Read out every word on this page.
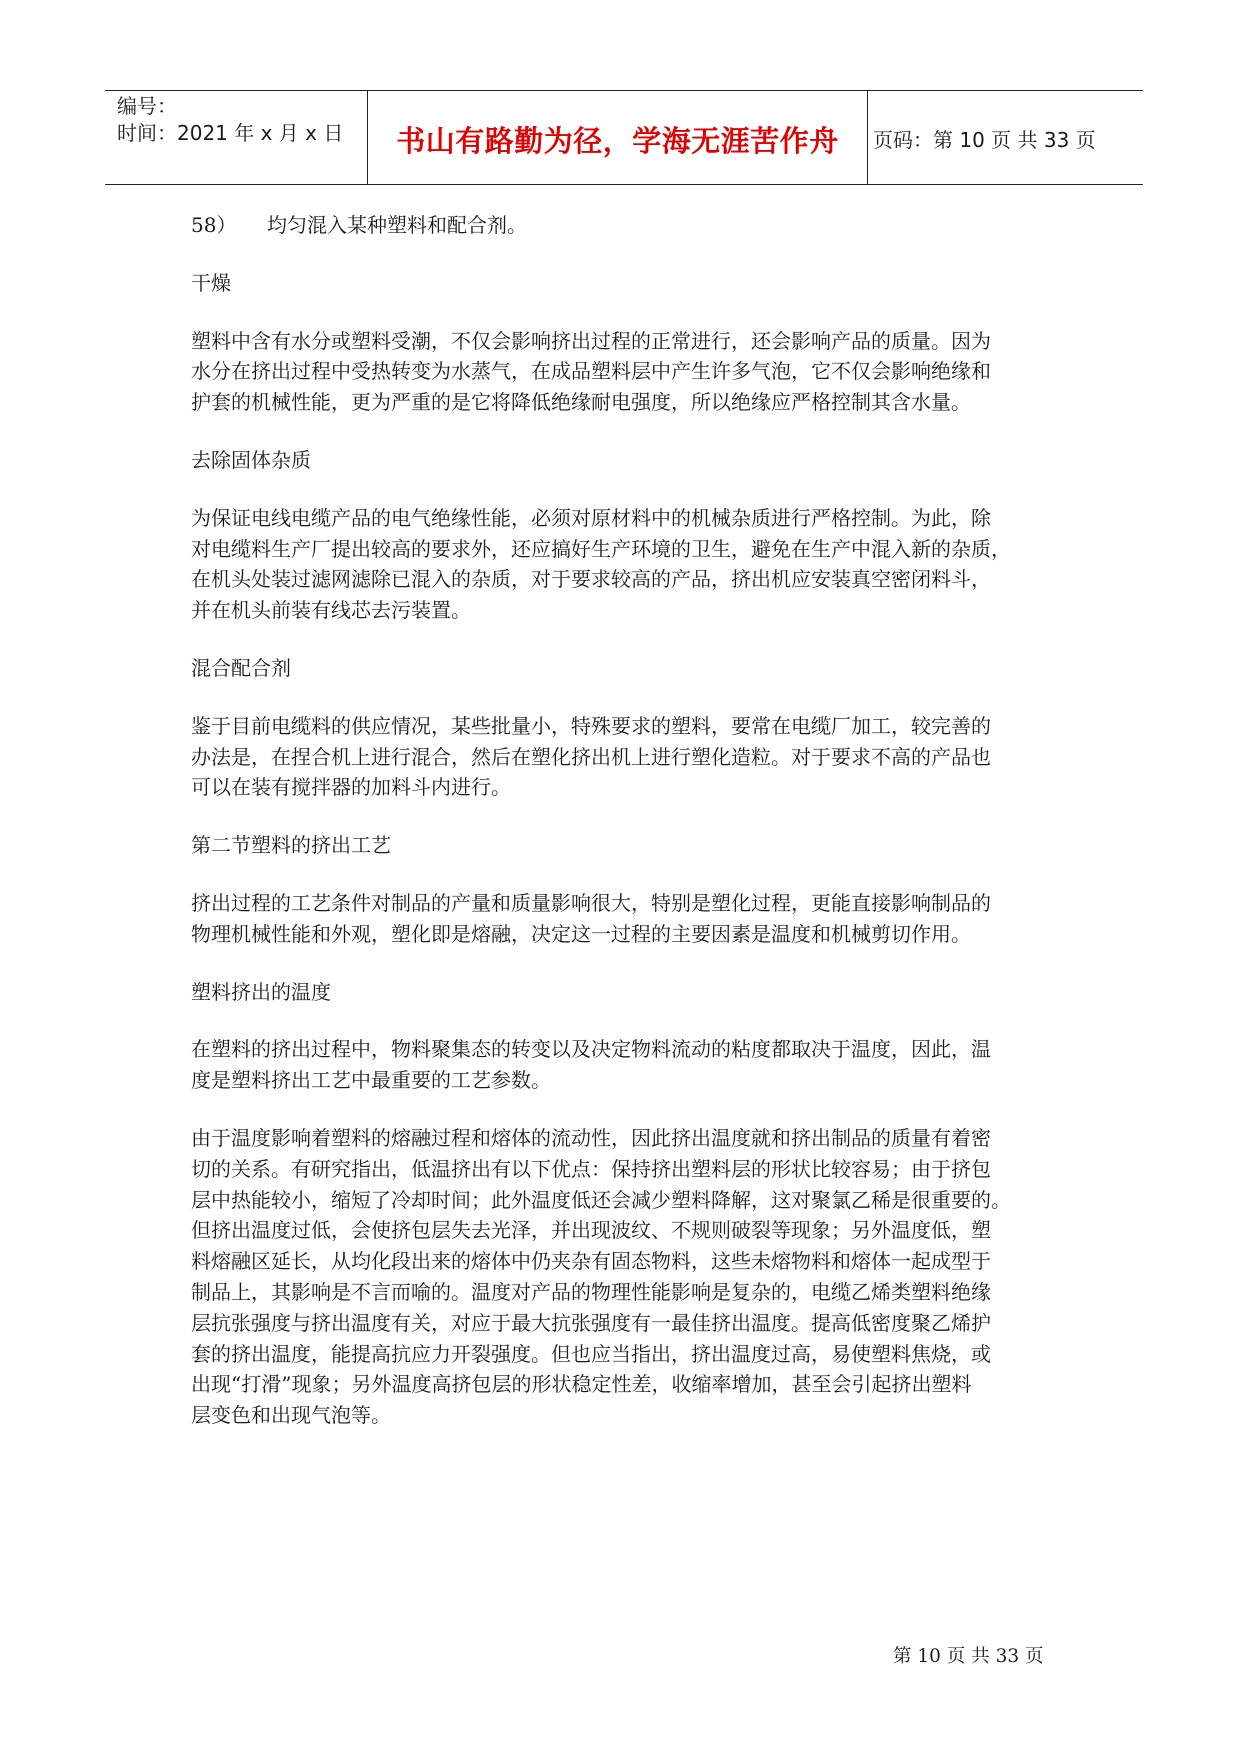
编号：
时间：2021 年 x 月 x 日	书山有路勤为径，学海无涯苦作舟	页码：第 10 页 共 33 页
58） 均匀混入某种塑料和配合剂。
干燥
塑料中含有水分或塑料受潮，不仅会影响挤出过程的正常进行，还会影响产品的质量。因为
水分在挤出过程中受热转变为水蒸气，在成品塑料层中产生许多气泡，它不仅会影响绝缘和
护套的机械性能，更为严重的是它将降低绝缘耐电强度，所以绝缘应严格控制其含水量。
去除固体杂质
为保证电线电缆产品的电气绝缘性能，必须对原材料中的机械杂质进行严格控制。为此，除
对电缆料生产厂提出较高的要求外，还应搞好生产环境的卫生，避免在生产中混入新的杂质，
在机头处装过滤网滤除已混入的杂质，对于要求较高的产品，挤出机应安装真空密闭料斗，
并在机头前装有线芯去污装置。
混合配合剂
鉴于目前电缆料的供应情况，某些批量小，特殊要求的塑料，要常在电缆厂加工，较完善的
办法是，在捏合机上进行混合，然后在塑化挤出机上进行塑化造粒。对于要求不高的产品也
可以在装有搅拌器的加料斗内进行。
第二节塑料的挤出工艺
挤出过程的工艺条件对制品的产量和质量影响很大，特别是塑化过程，更能直接影响制品的
物理机械性能和外观，塑化即是熔融，决定这一过程的主要因素是温度和机械剪切作用。
塑料挤出的温度
在塑料的挤出过程中，物料聚集态的转变以及决定物料流动的粘度都取决于温度，因此，温
度是塑料挤出工艺中最重要的工艺参数。
由于温度影响着塑料的熔融过程和熔体的流动性，因此挤出温度就和挤出制品的质量有着密
切的关系。有研究指出，低温挤出有以下优点：保持挤出塑料层的形状比较容易；由于挤包
层中热能较小，缩短了冷却时间；此外温度低还会减少塑料降解，这对聚氯乙稀是很重要的。
但挤出温度过低，会使挤包层失去光泽，并出现波纹、不规则破裂等现象；另外温度低，塑
料熔融区延长，从均化段出来的熔体中仍夹杂有固态物料，这些未熔物料和熔体一起成型于
制品上，其影响是不言而喻的。温度对产品的物理性能影响是复杂的，电缆乙烯类塑料绝缘
层抗张强度与挤出温度有关，对应于最大抗张强度有一最佳挤出温度。提高低密度聚乙烯护
套的挤出温度，能提高抗应力开裂强度。但也应当指出，挤出温度过高，易使塑料焦烧，或
出现“打滑”现象；另外温度高挤包层的形状稳定性差，收缩率增加，甚至会引起挤出塑料
层变色和出现气泡等。
第 10 页 共 33 页
